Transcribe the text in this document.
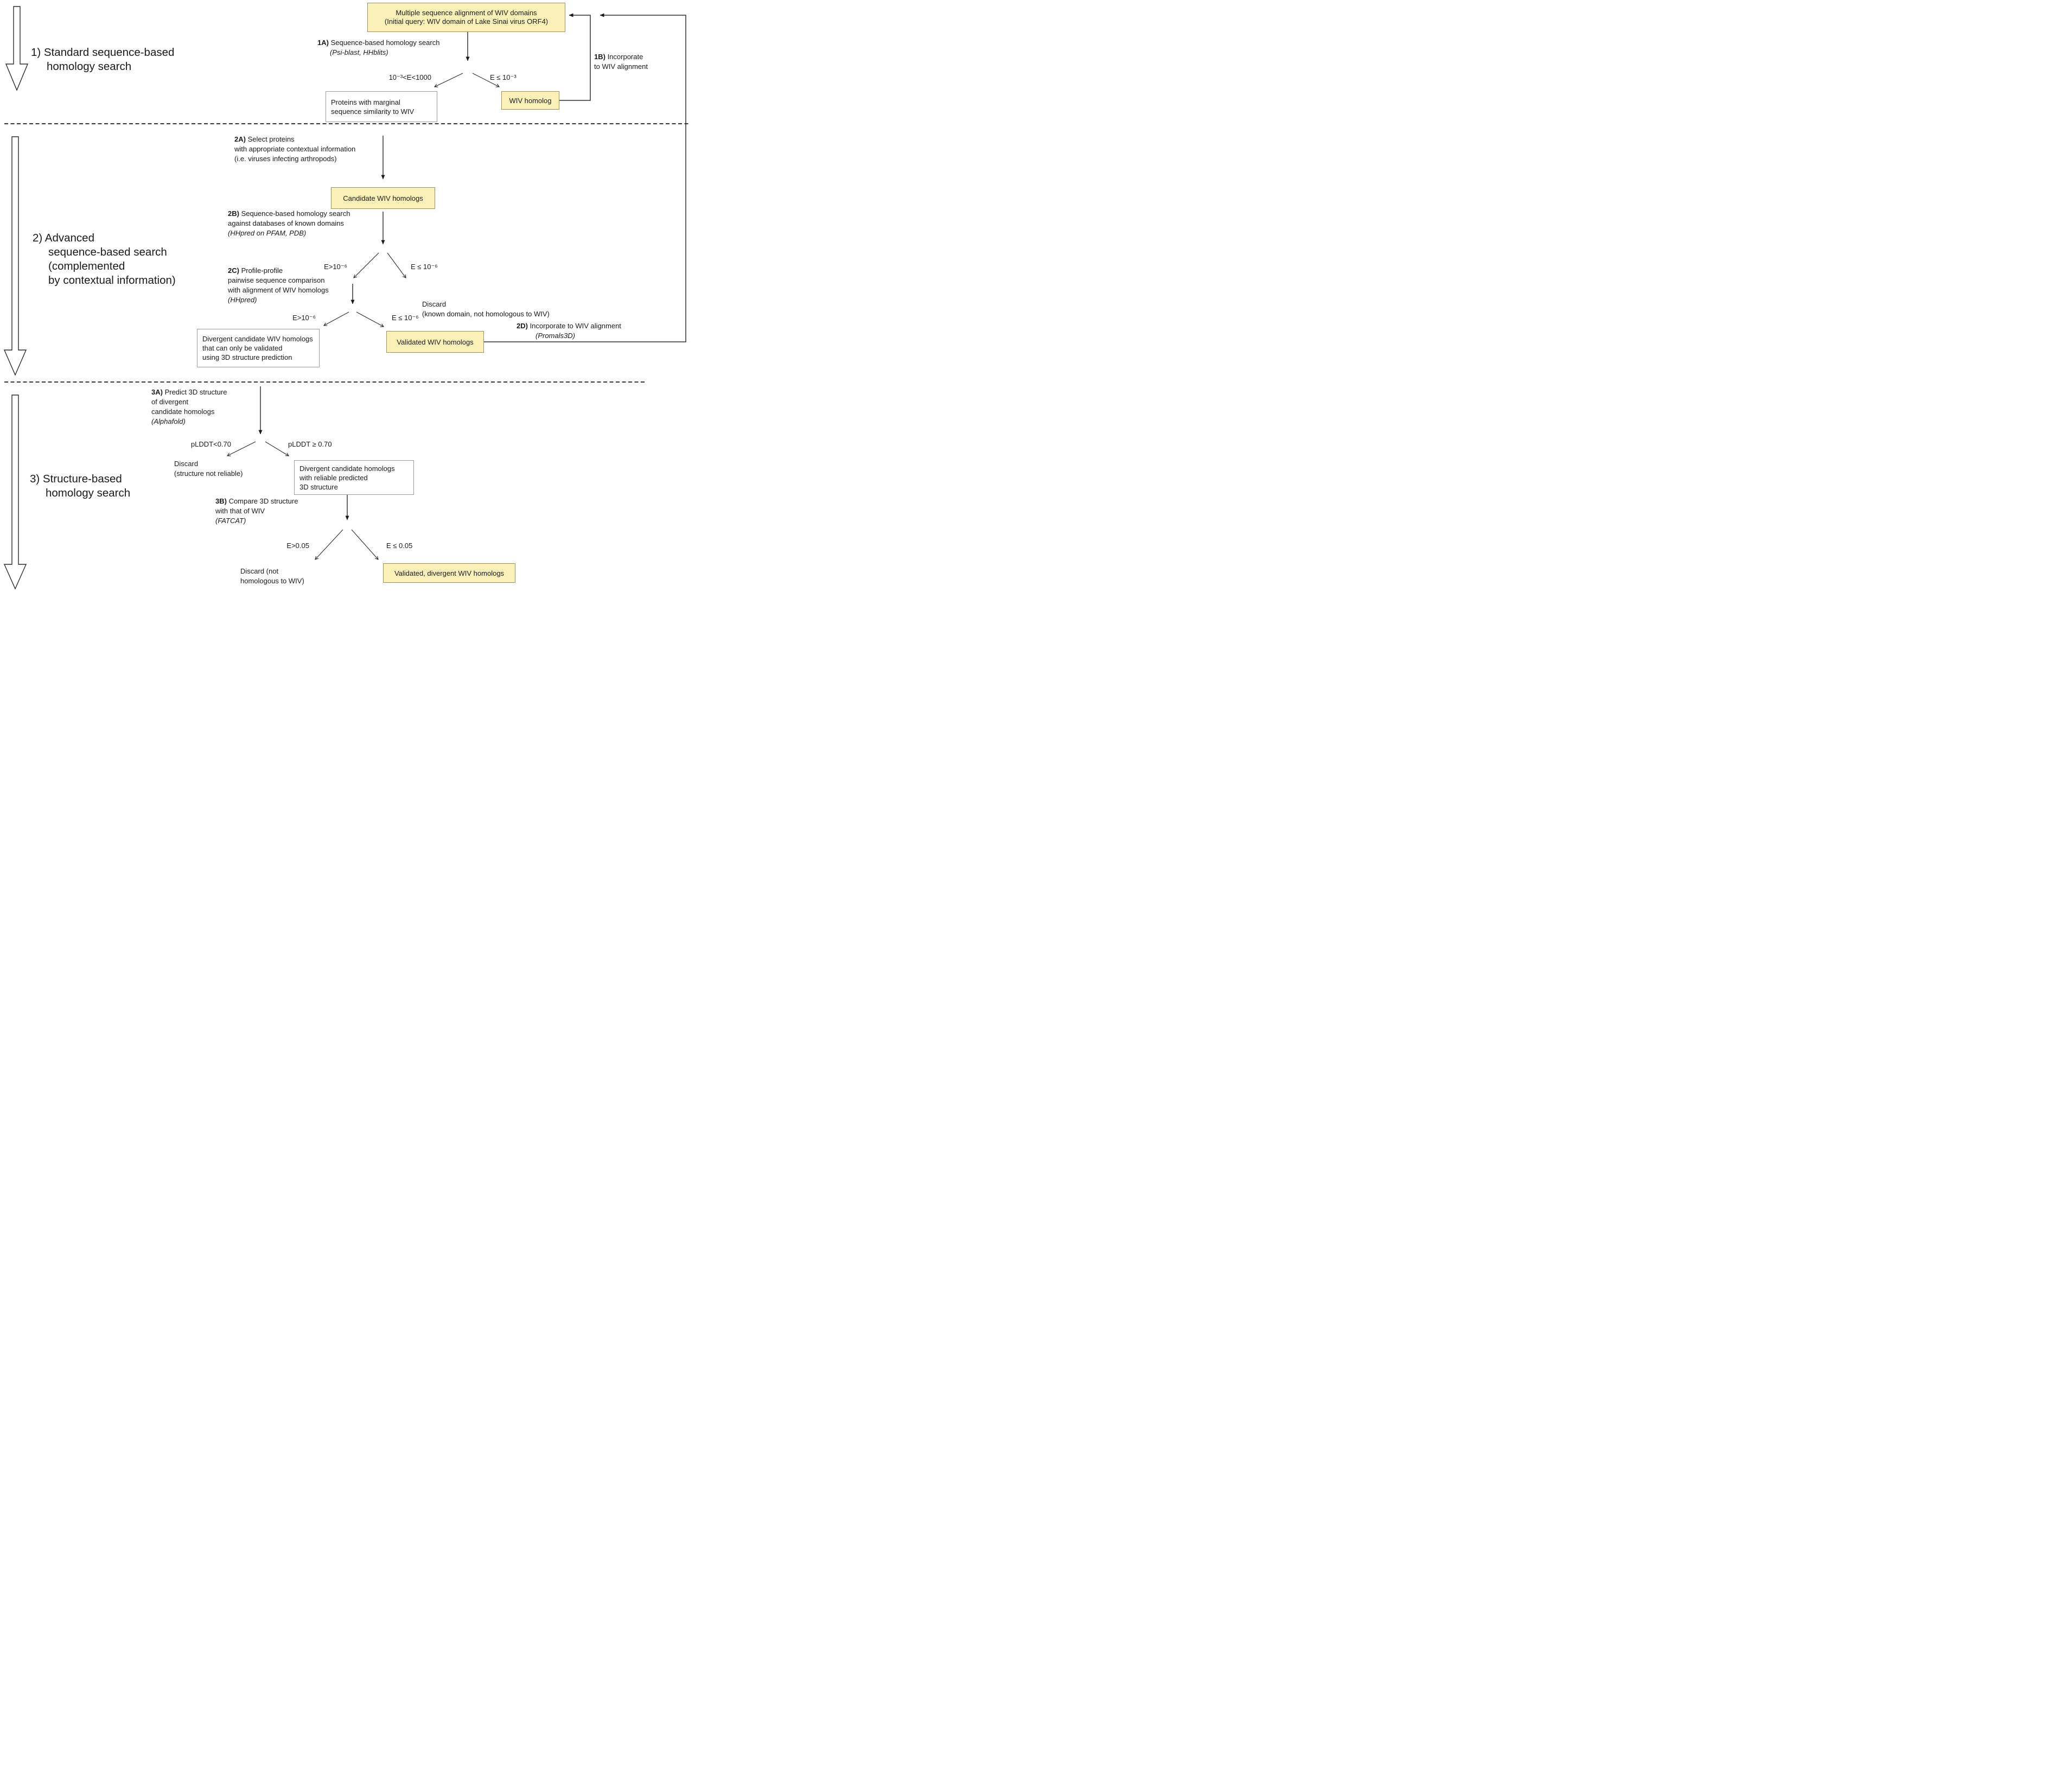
1) Standard sequence-based
homology search
2) Advanced
sequence-based search
(complemented
by contextual information)
3) Structure-based
homology search
Multiple sequence alignment of WIV domains
(Initial query: WIV domain of Lake Sinai virus ORF4)
1A) Sequence-based homology search
(Psi-blast, HHblits)
10⁻³<E<1000	E ≤ 10⁻³
Proteins with marginal
sequence similarity to WIV
WIV homolog
1B) Incorporate
to WIV alignment
2A) Select proteins
with appropriate contextual information
(i.e. viruses infecting arthropods)
Candidate WIV homologs
2B) Sequence-based homology search
against databases of known domains
(HHpred on PFAM, PDB)
E>10⁻⁶	E ≤ 10⁻⁶
Discard
(known domain, not homologous to WIV)
2C) Profile-profile
pairwise sequence comparison
with alignment of WIV homologs
(HHpred)
E>10⁻⁶	E ≤ 10⁻⁶
Divergent candidate WIV homologs
that can only be validated
using 3D structure prediction
Validated WIV homologs
2D) Incorporate to WIV alignment
(Promals3D)
3A) Predict 3D structure
of divergent
candidate homologs
(Alphafold)
pLDDT<0.70	pLDDT ≥ 0.70
Discard
(structure not reliable)
Divergent candidate homologs
with reliable predicted
3D structure
3B) Compare 3D structure
with that of WIV
(FATCAT)
E>0.05	E ≤ 0.05
Discard (not
homologous to WIV)
Validated, divergent WIV homologs
